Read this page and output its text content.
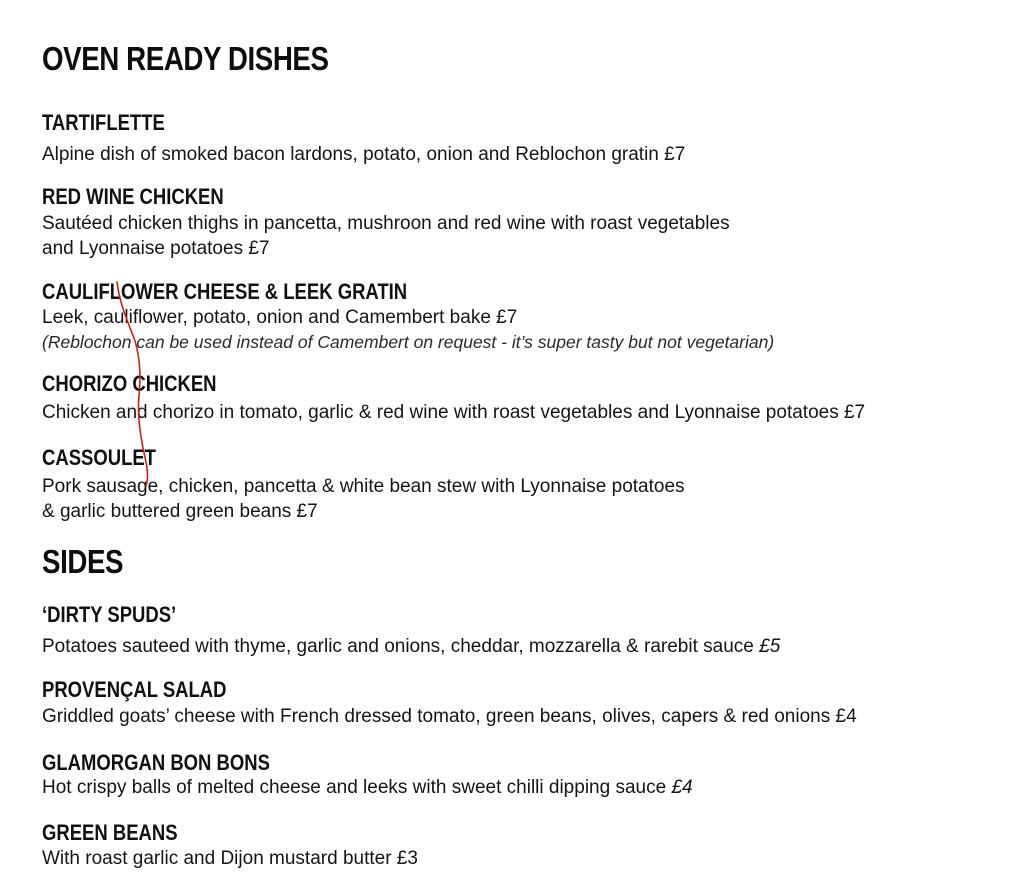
OVEN READY DISHES
TARTIFLETTE

Alpine dish of smoked bacon lardons, potato, onion and Reblochon gratin £7

RED WINE CHICKEN

Sautéed chicken thighs in pancetta, mushroon and red wine with roast vegetables

and Lyonnaise potatoes £7

CAULIFLOWER CHEESE & LEEK GRATIN

Leek, cauliflower, potato, onion and Camembert bake £7

(Reblochon can be used instead of Camembert on request - it’s super tasty but not vegetarian)

CHORIZO CHICKEN

Chicken and chorizo in tomato, garlic & red wine with roast vegetables and Lyonnaise potatoes £7

CASSOULET

Pork sausage, chicken, pancetta & white bean stew with Lyonnaise potatoes

& garlic buttered green beans £7

SIDES
‘DIRTY SPUDS’

Potatoes sauteed with thyme, garlic and onions, cheddar, mozzarella & rarebit sauce £5

PROVENÇAL SALAD

Griddled goats’ cheese with French dressed tomato, green beans, olives, capers & red onions £4

GLAMORGAN BON BONS

Hot crispy balls of melted cheese and leeks with sweet chilli dipping sauce £4

GREEN BEANS

With roast garlic and Dijon mustard butter £3
